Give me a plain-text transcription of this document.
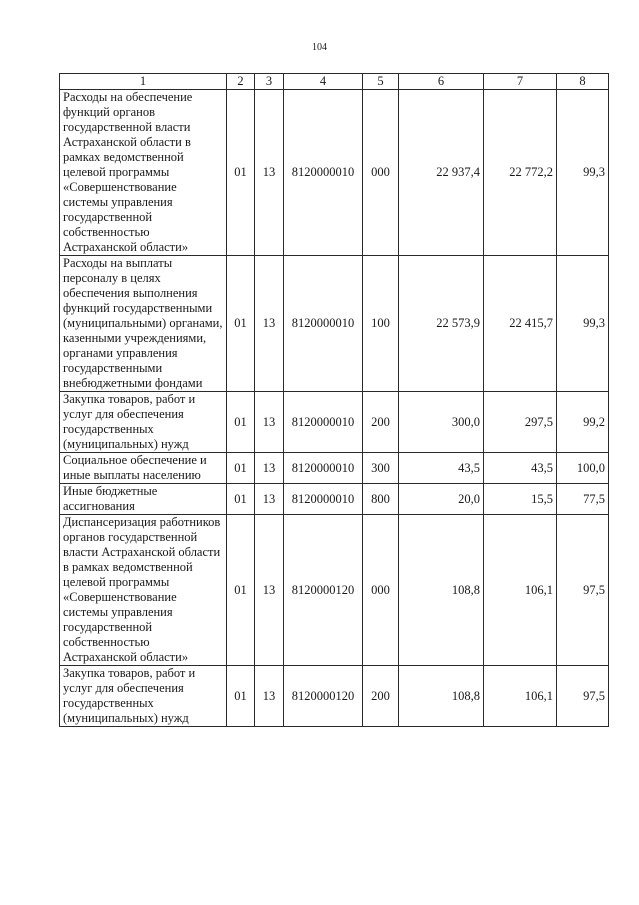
104
1	2	3	4	5	6	7	8
Расходы на обеспечение функций органов государственной власти Астраханской области в рамках ведомственной целевой программы «Совершенствование системы управления государственной собственностью Астраханской области»	01	13	8120000010	000	22 937,4	22 772,2	99,3
Расходы на выплаты персоналу в целях обеспечения выполнения функций государственными (муниципальными) органами, казенными учреждениями, органами управления государственными внебюджетными фондами	01	13	8120000010	100	22 573,9	22 415,7	99,3
Закупка товаров, работ и услуг для обеспечения государственных (муниципальных) нужд	01	13	8120000010	200	300,0	297,5	99,2
Социальное обеспечение и иные выплаты населению	01	13	8120000010	300	43,5	43,5	100,0
Иные бюджетные ассигнования	01	13	8120000010	800	20,0	15,5	77,5
Диспансеризация работников органов государственной власти Астраханской области в рамках ведомственной целевой программы «Совершенствование системы управления государственной собственностью Астраханской области»	01	13	8120000120	000	108,8	106,1	97,5
Закупка товаров, работ и услуг для обеспечения государственных (муниципальных) нужд	01	13	8120000120	200	108,8	106,1	97,5
